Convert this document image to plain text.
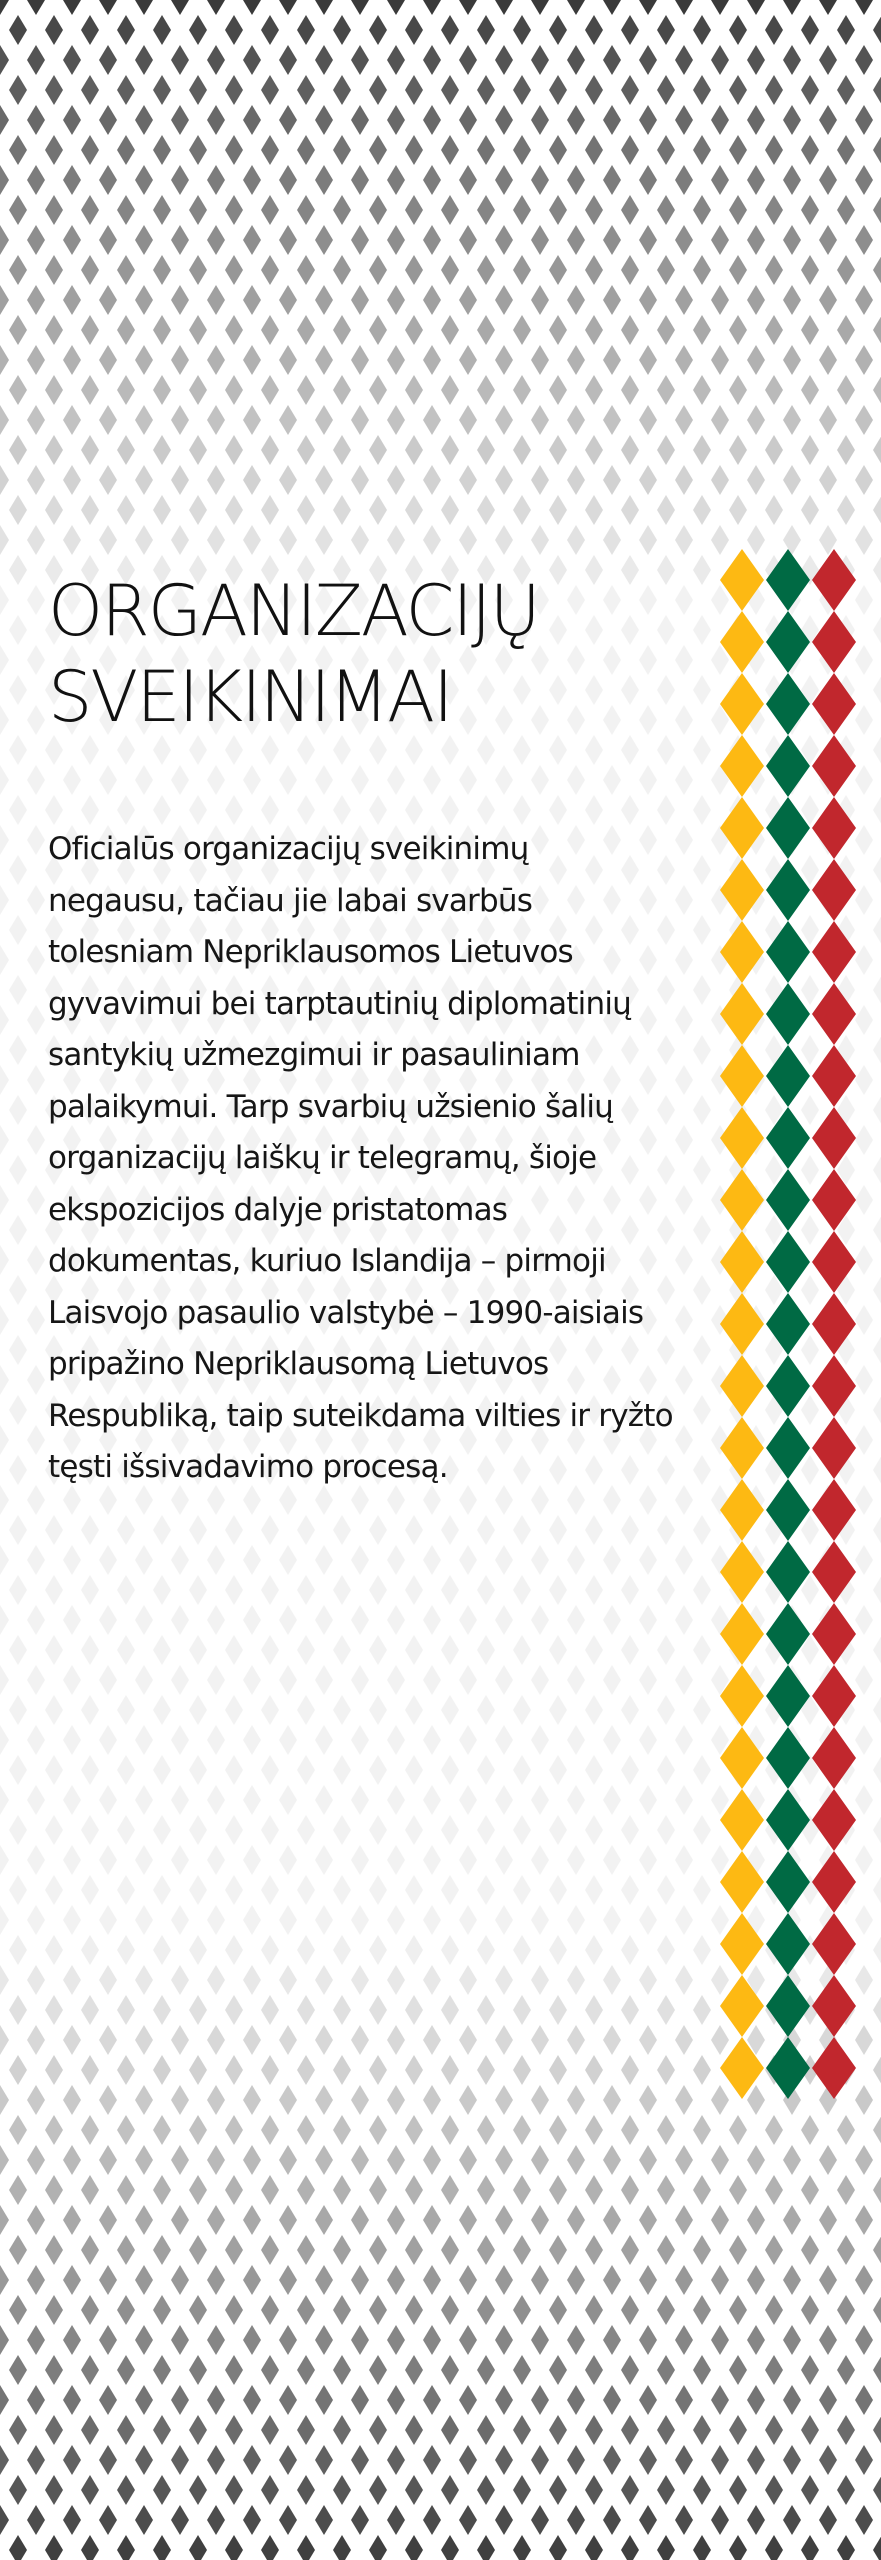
ORGANIZACIJŲ
SVEIKINIMAI

Oficialūs organizacijų sveikinimų
negausu, tačiau jie labai svarbūs
tolesniam Nepriklausomos Lietuvos
gyvavimui bei tarptautinių diplomatinių
santykių užmezgimui ir pasauliniam
palaikymui. Tarp svarbių užsienio šalių
organizacijų laiškų ir telegramų, šioje
ekspozicijos dalyje pristatomas
dokumentas, kuriuo Islandija – pirmoji
Laisvojo pasaulio valstybė – 1990-aisiais
pripažino Nepriklausomą Lietuvos
Respubliką, taip suteikdama vilties ir ryžto
tęsti išsivadavimo procesą.
